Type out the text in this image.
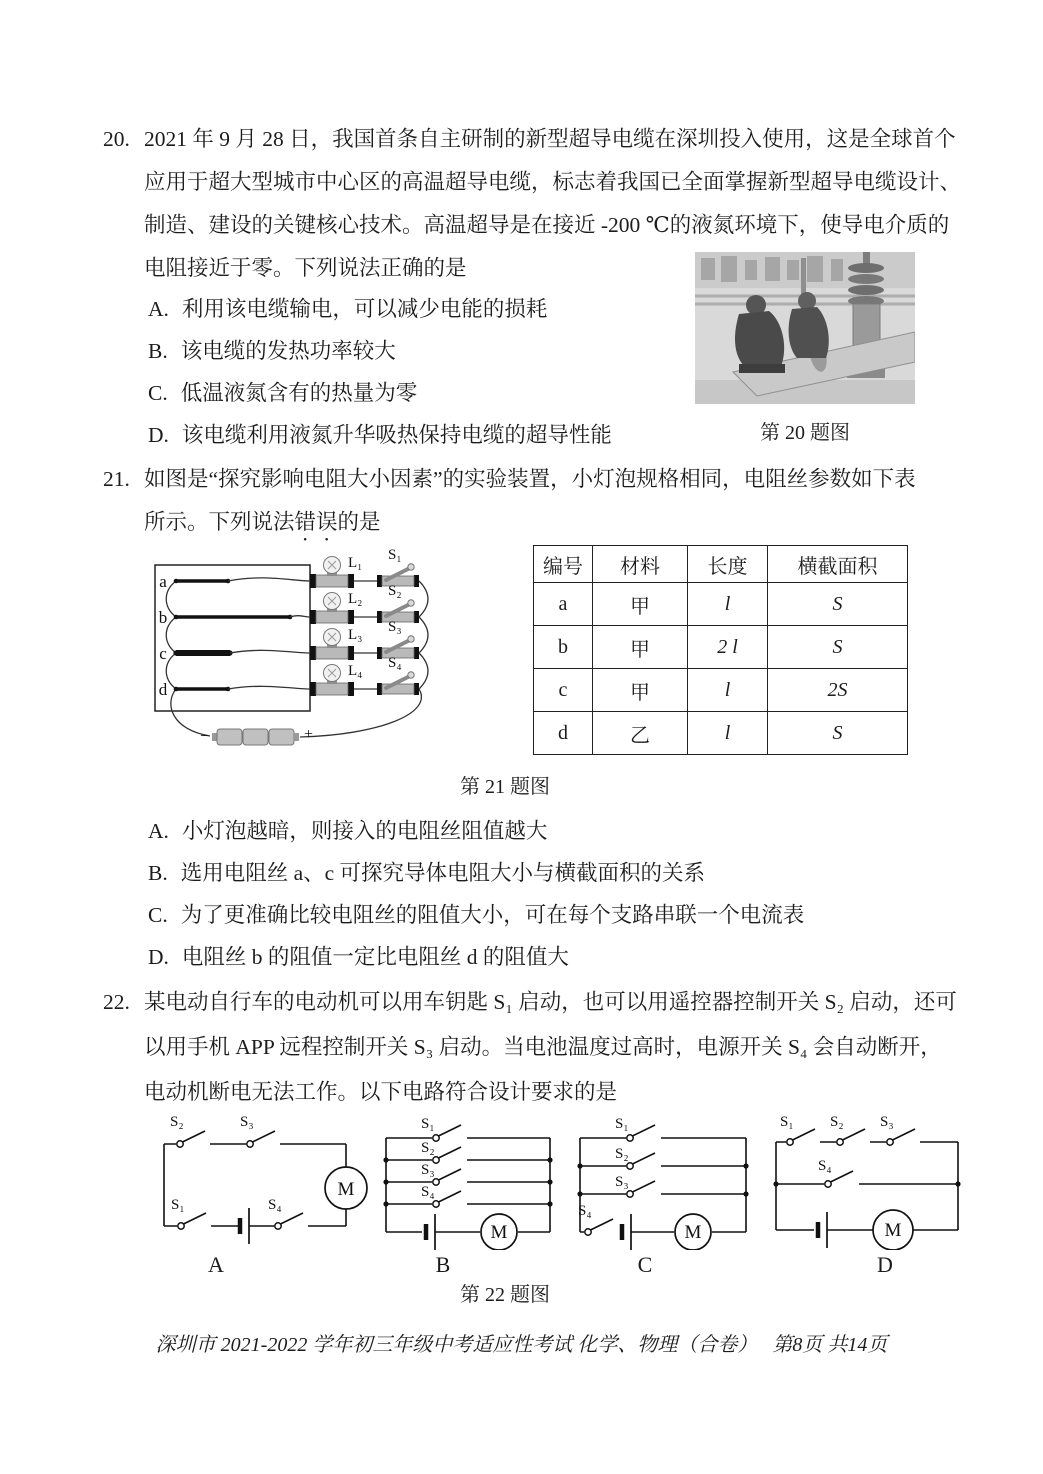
20. 2021 年 9 月 28 日，我国首条自主研制的新型超导电缆在深圳投入使用，这是全球首个
应用于超大型城市中心区的高温超导电缆，标志着我国已全面掌握新型超导电缆设计、
制造、建设的关键核心技术。高温超导是在接近 -200 ℃的液氮环境下，使导电介质的
电阻接近于零。下列说法正确的是
A. 利用该电缆输电，可以减少电能的损耗
B. 该电缆的发热功率较大
C. 低温液氮含有的热量为零
D. 该电缆利用液氮升华吸热保持电缆的超导性能	第 20 题图
21. 如图是“探究影响电阻大小因素”的实验装置，小灯泡规格相同，电阻丝参数如下表
所示。下列说法错误的是
a
L₁ S₁
b
L₂ S₂
c
L₃ S₃
d
L₄ S₄
−	+
编号	材料	长度	横截面积
a	甲	l	S
b	甲	2 l	S
c	甲	l	2S
d	乙	l	S
第 21 题图
A. 小灯泡越暗，则接入的电阻丝阻值越大
B. 选用电阻丝 a、c 可探究导体电阻大小与横截面积的关系
C. 为了更准确比较电阻丝的阻值大小，可在每个支路串联一个电流表
D. 电阻丝 b 的阻值一定比电阻丝 d 的阻值大
22. 某电动自行车的电动机可以用车钥匙 S₁ 启动，也可以用遥控器控制开关 S₂ 启动，还可
以用手机 APP 远程控制开关 S₃ 启动。当电池温度过高时，电源开关 S₄ 会自动断开，
电动机断电无法工作。以下电路符合设计要求的是
M
S₂	S₃
S₁	S₄
A
M
S₁
S₂
S₃
S₄
B
M
S₁
S₂
S₃
S₄
C
M
S₁ S₂ S₃
S₄
D
第 22 题图
深圳市 2021-2022 学年初三年级中考适应性考试 化学、物理（合卷）　 第8页 共14页
